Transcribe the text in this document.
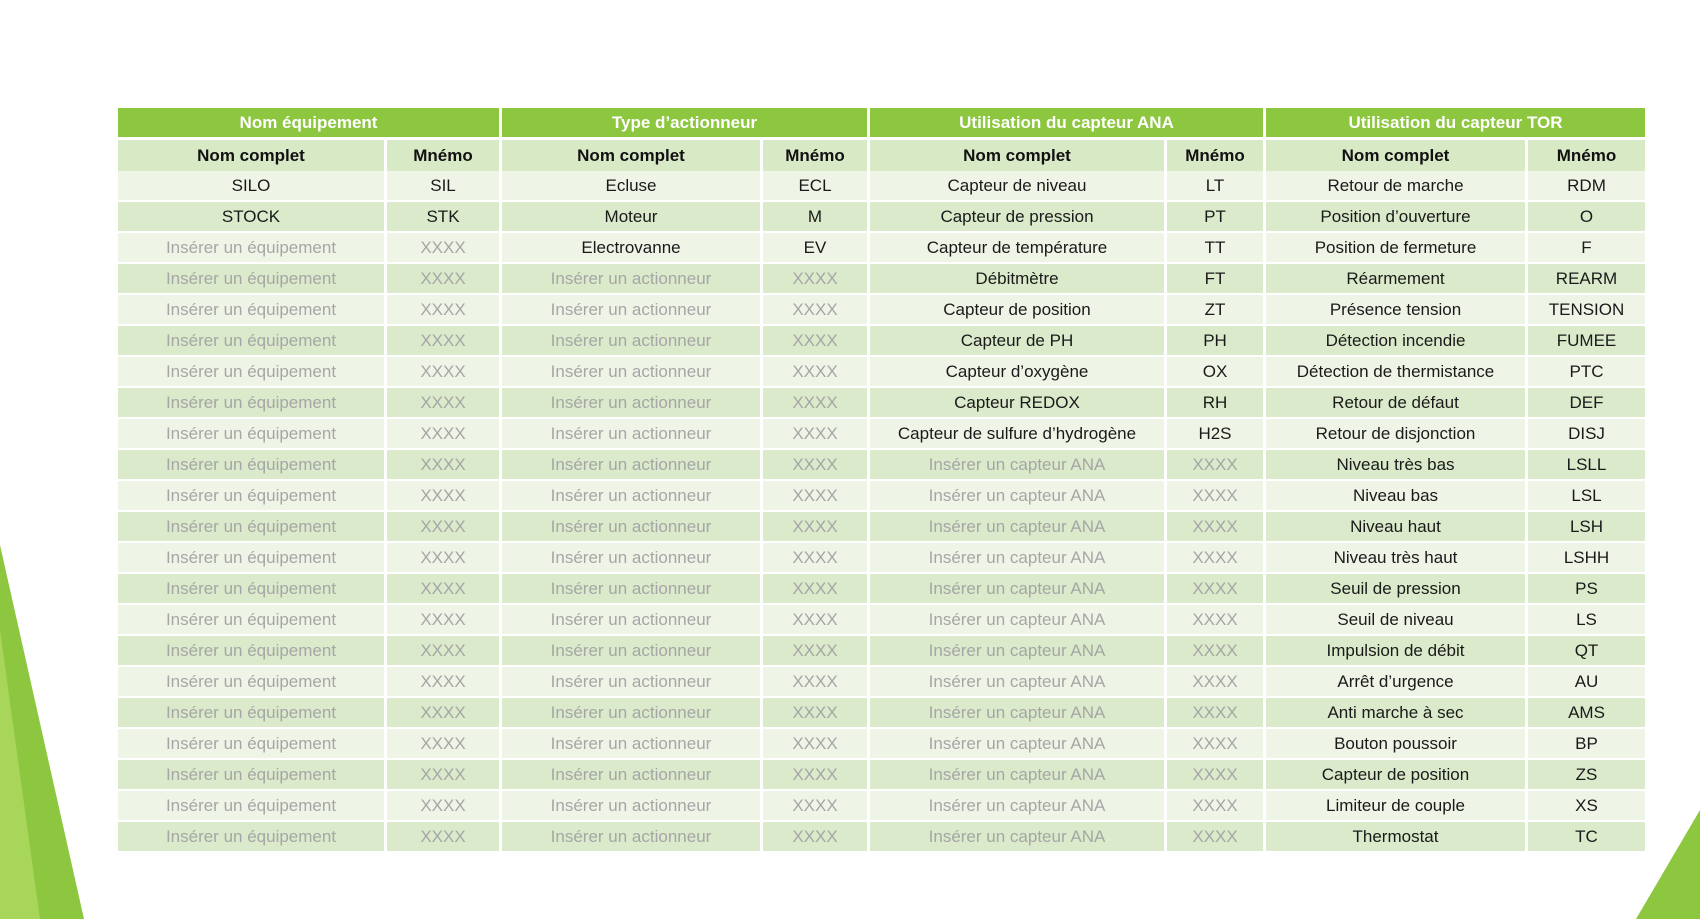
Nom équipement		Type d’actionneur		Utilisation du capteur ANA		Utilisation du capteur TOR	

Nom complet	Mnémo	Nom complet	Mnémo	Nom complet	Mnémo	Nom complet	Mnémo
SILO	SIL	Ecluse	ECL	Capteur de niveau	LT	Retour de marche	RDM
STOCK	STK	Moteur	M	Capteur de pression	PT	Position d’ouverture	O
Insérer un équipement	XXXX	Electrovanne	EV	Capteur de température	TT	Position de fermeture	F
Insérer un équipement	XXXX	Insérer un actionneur	XXXX	Débitmètre	FT	Réarmement	REARM
Insérer un équipement	XXXX	Insérer un actionneur	XXXX	Capteur de position	ZT	Présence tension	TENSION
Insérer un équipement	XXXX	Insérer un actionneur	XXXX	Capteur de PH	PH	Détection incendie	FUMEE
Insérer un équipement	XXXX	Insérer un actionneur	XXXX	Capteur d’oxygène	OX	Détection de thermistance	PTC
Insérer un équipement	XXXX	Insérer un actionneur	XXXX	Capteur REDOX	RH	Retour de défaut	DEF
Insérer un équipement	XXXX	Insérer un actionneur	XXXX	Capteur de sulfure d’hydrogène	H2S	Retour de disjonction	DISJ
Insérer un équipement	XXXX	Insérer un actionneur	XXXX	Insérer un capteur ANA	XXXX	Niveau très bas	LSLL
Insérer un équipement	XXXX	Insérer un actionneur	XXXX	Insérer un capteur ANA	XXXX	Niveau bas	LSL
Insérer un équipement	XXXX	Insérer un actionneur	XXXX	Insérer un capteur ANA	XXXX	Niveau haut	LSH
Insérer un équipement	XXXX	Insérer un actionneur	XXXX	Insérer un capteur ANA	XXXX	Niveau très haut	LSHH
Insérer un équipement	XXXX	Insérer un actionneur	XXXX	Insérer un capteur ANA	XXXX	Seuil de pression	PS
Insérer un équipement	XXXX	Insérer un actionneur	XXXX	Insérer un capteur ANA	XXXX	Seuil de niveau	LS
Insérer un équipement	XXXX	Insérer un actionneur	XXXX	Insérer un capteur ANA	XXXX	Impulsion de débit	QT
Insérer un équipement	XXXX	Insérer un actionneur	XXXX	Insérer un capteur ANA	XXXX	Arrêt d’urgence	AU
Insérer un équipement	XXXX	Insérer un actionneur	XXXX	Insérer un capteur ANA	XXXX	Anti marche à sec	AMS
Insérer un équipement	XXXX	Insérer un actionneur	XXXX	Insérer un capteur ANA	XXXX	Bouton poussoir	BP
Insérer un équipement	XXXX	Insérer un actionneur	XXXX	Insérer un capteur ANA	XXXX	Capteur de position	ZS
Insérer un équipement	XXXX	Insérer un actionneur	XXXX	Insérer un capteur ANA	XXXX	Limiteur de couple	XS
Insérer un équipement	XXXX	Insérer un actionneur	XXXX	Insérer un capteur ANA	XXXX	Thermostat	TC
